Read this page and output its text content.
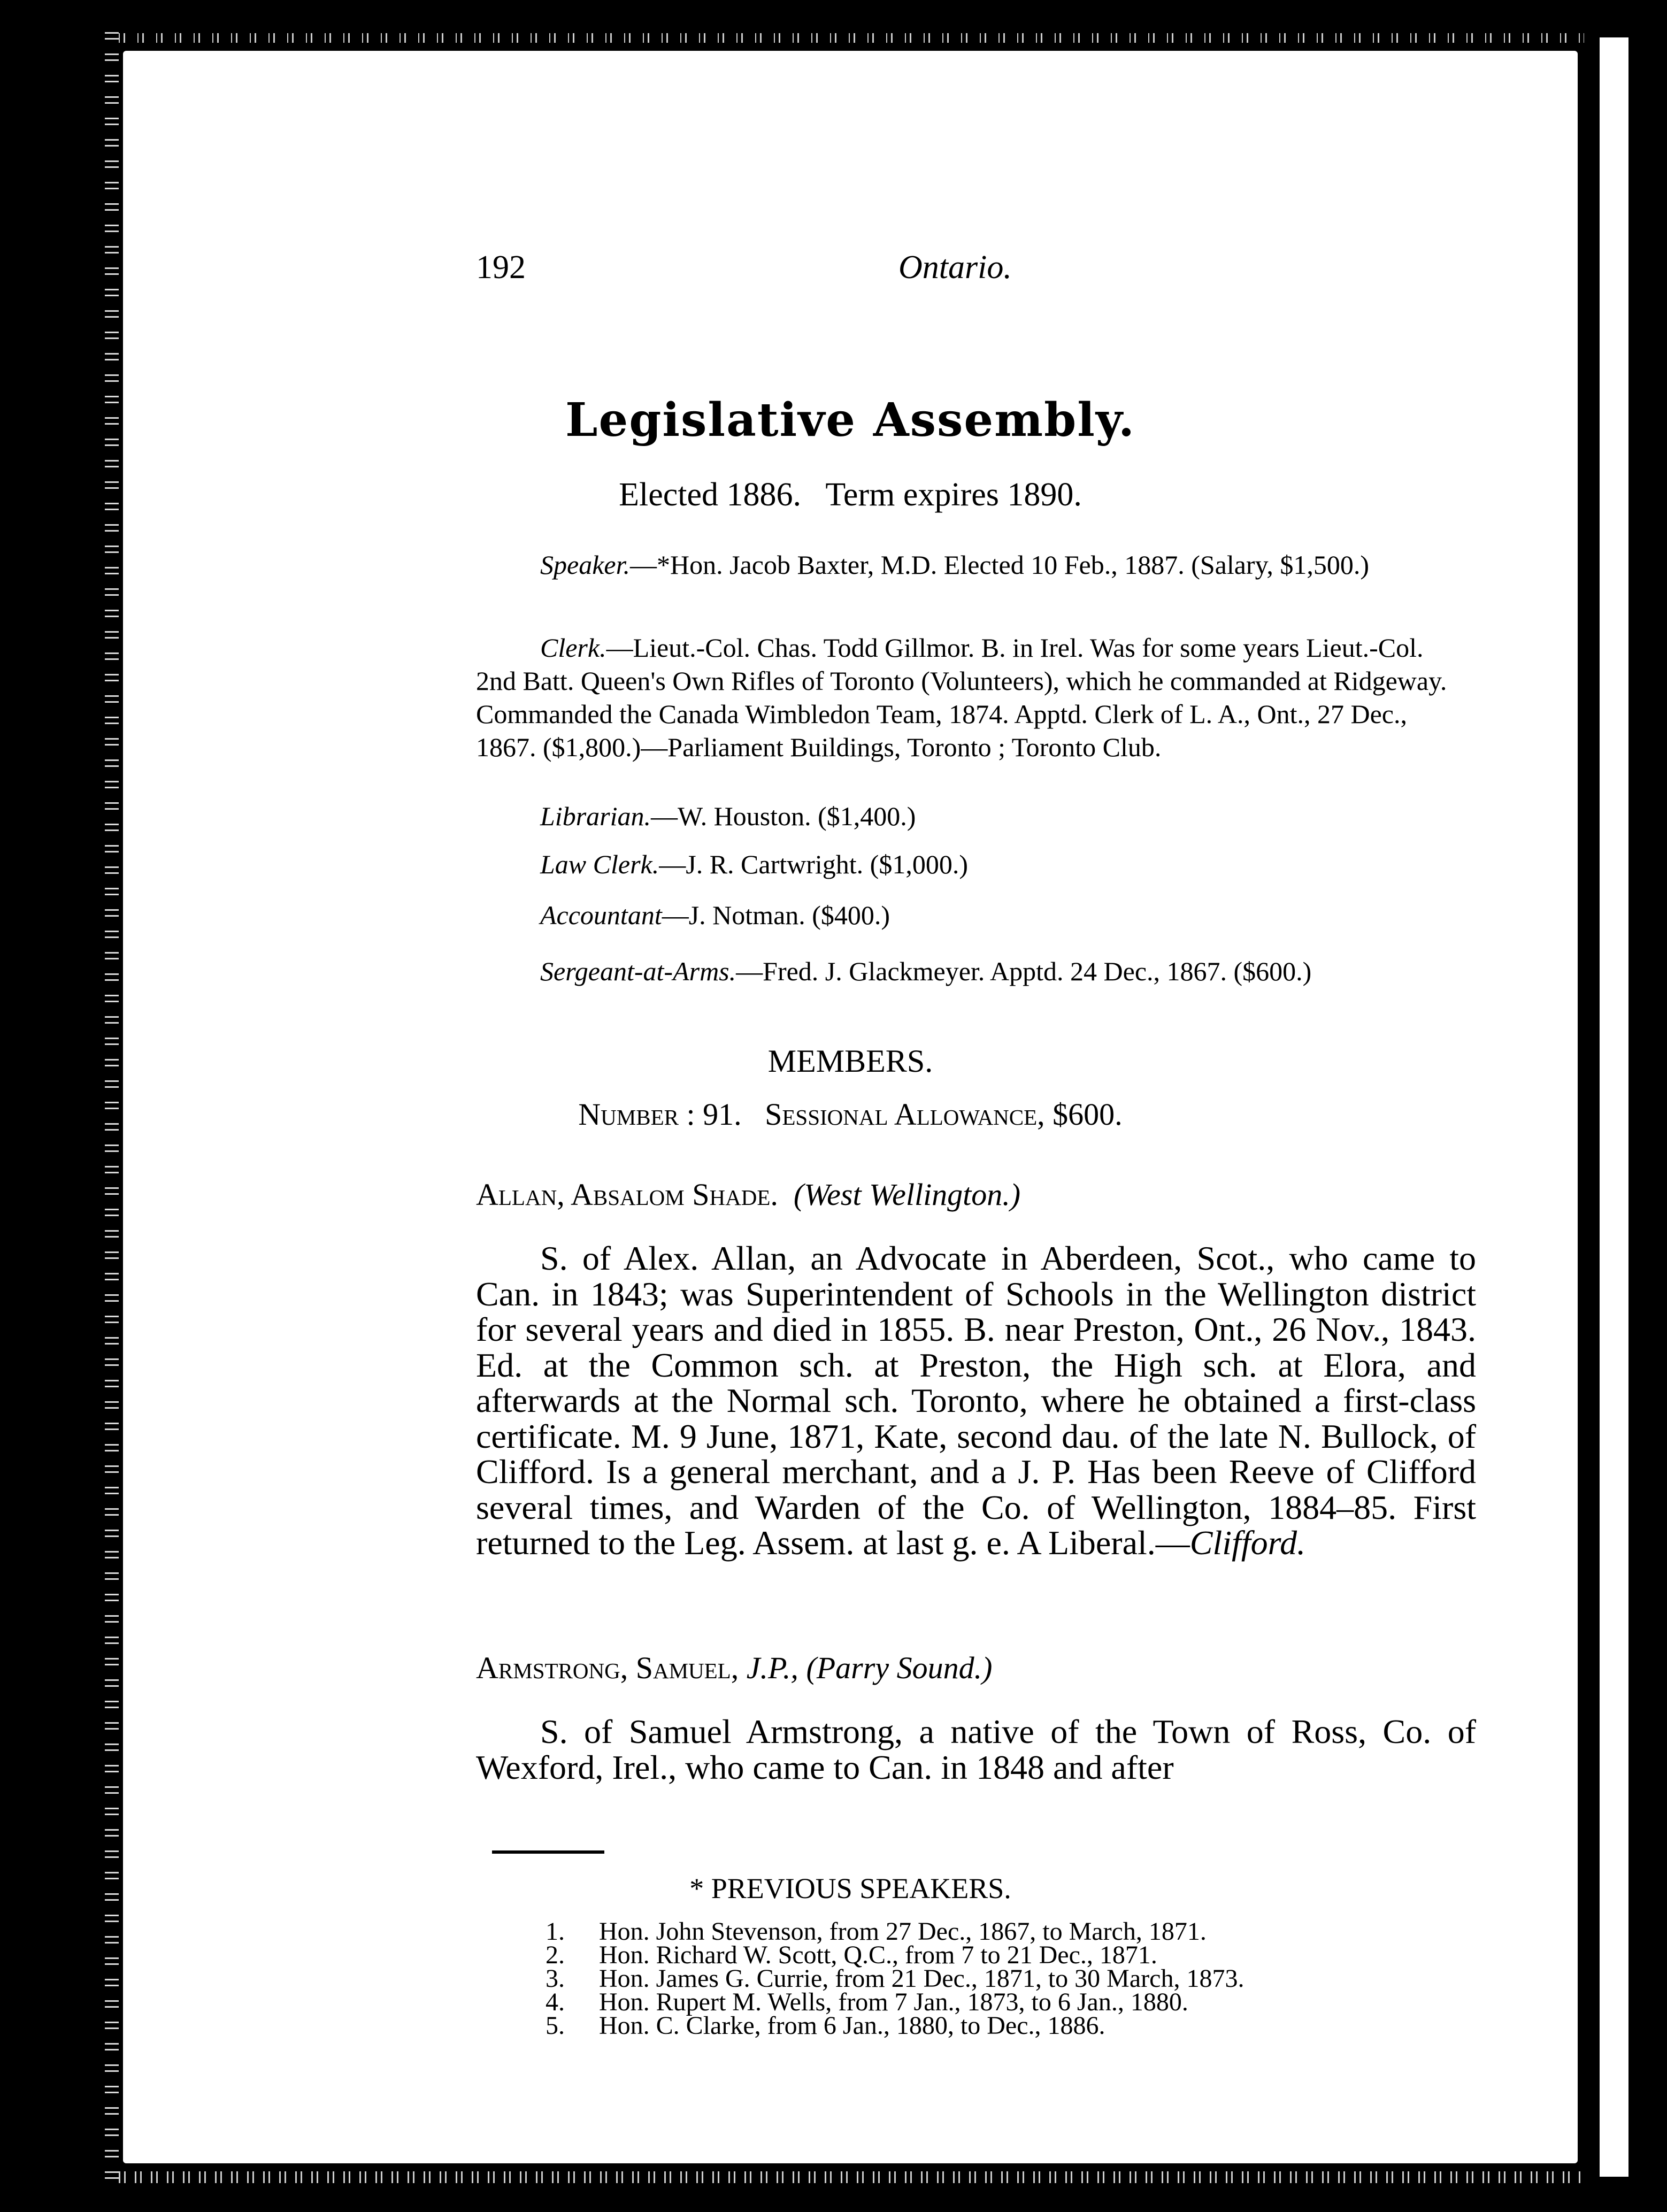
192	Ontario.
Legislative Assembly.
Elected 1886.   Term expires 1890.

Speaker.—*Hon. Jacob Baxter, M.D. Elected 10 Feb., 1887. (Salary, $1,500.)

Clerk.—Lieut.-Col. Chas. Todd Gillmor. B. in Irel. Was for some years Lieut.-Col. 2nd Batt. Queen's Own Rifles of Toronto (Volunteers), which he commanded at Ridgeway. Commanded the Canada Wimbledon Team, 1874. Apptd. Clerk of L. A., Ont., 27 Dec., 1867. ($1,800.)—Parliament Buildings, Toronto ; Toronto Club.

Librarian.—W. Houston. ($1,400.)

Law Clerk.—J. R. Cartwright. ($1,000.)

Accountant—J. Notman. ($400.)

Sergeant-at-Arms.—Fred. J. Glackmeyer. Apptd. 24 Dec., 1867. ($600.)

MEMBERS.
Number : 91.   Sessional Allowance, $600.
Allan, Absalom Shade. (West Wellington.)

S. of Alex. Allan, an Advocate in Aberdeen, Scot., who came to Can. in 1843; was Superintendent of Schools in the Wellington district for several years and died in 1855. B. near Preston, Ont., 26 Nov., 1843. Ed. at the Common sch. at Preston, the High sch. at Elora, and afterwards at the Normal sch. Toronto, where he obtained a first-class certificate. M. 9 June, 1871, Kate, second dau. of the late N. Bullock, of Clifford. Is a general merchant, and a J. P. Has been Reeve of Clifford several times, and Warden of the Co. of Wellington, 1884–85. First returned to the Leg. Assem. at last g. e. A Liberal.—Clifford.

Armstrong, Samuel, J.P., (Parry Sound.)

S. of Samuel Armstrong, a native of the Town of Ross, Co. of Wexford, Irel., who came to Can. in 1848 and after

* PREVIOUS SPEAKERS.
1. Hon. John Stevenson, from 27 Dec., 1867, to March, 1871.
2. Hon. Richard W. Scott, Q.C., from 7 to 21 Dec., 1871.
3. Hon. James G. Currie, from 21 Dec., 1871, to 30 March, 1873.
4. Hon. Rupert M. Wells, from 7 Jan., 1873, to 6 Jan., 1880.
5. Hon. C. Clarke, from 6 Jan., 1880, to Dec., 1886.
